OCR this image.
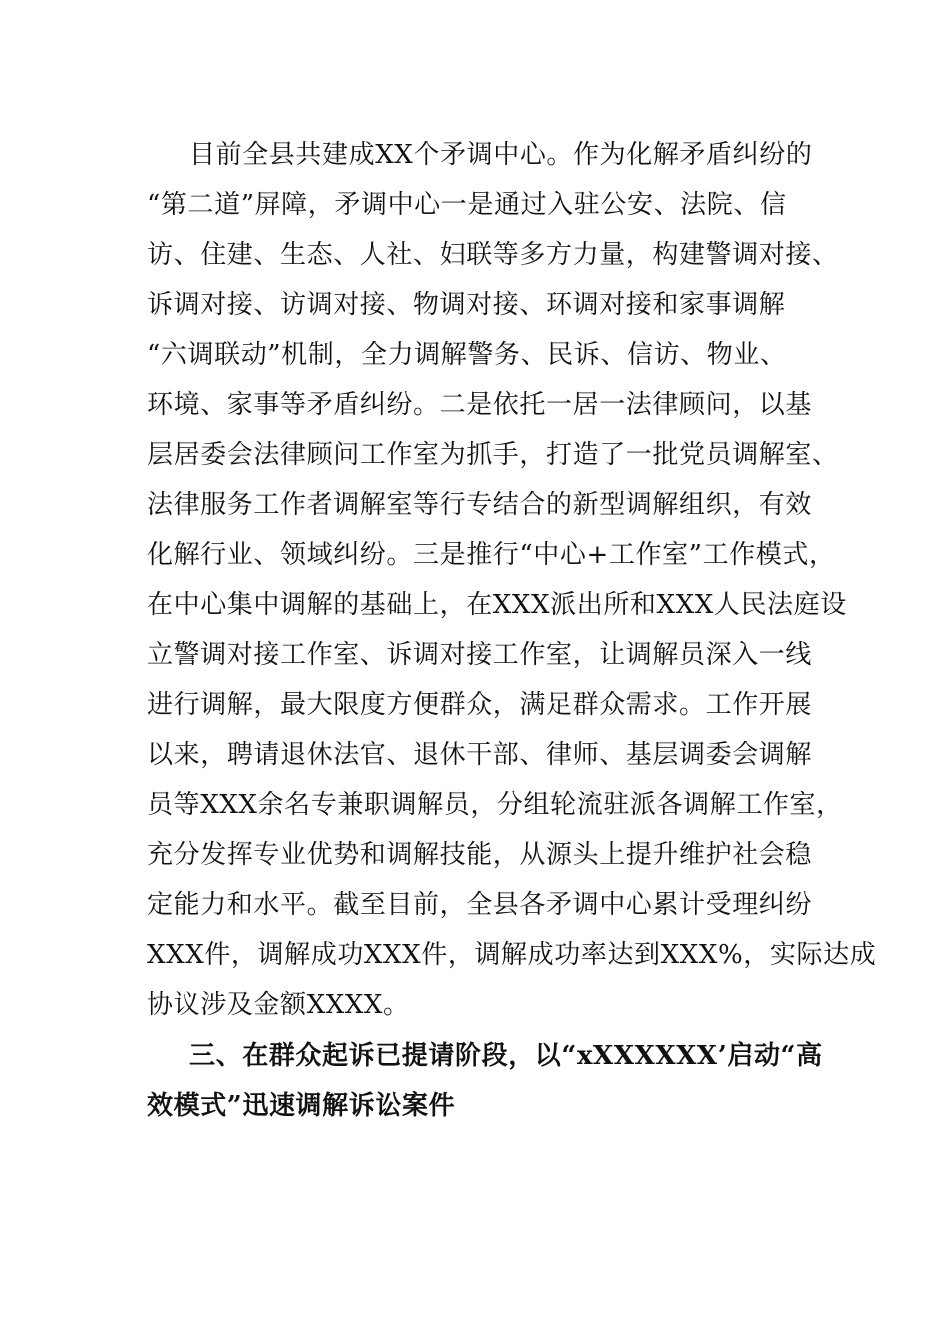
目前全县共建成XX个矛调中心。作为化解矛盾纠纷的
“第二道”屏障，矛调中心一是通过入驻公安、法院、信
访、住建、生态、人社、妇联等多方力量，构建警调对接、
诉调对接、访调对接、物调对接、环调对接和家事调解
“六调联动”机制，全力调解警务、民诉、信访、物业、
环境、家事等矛盾纠纷。二是依托一居一法律顾问，以基
层居委会法律顾问工作室为抓手，打造了一批党员调解室、
法律服务工作者调解室等行专结合的新型调解组织，有效
化解行业、领域纠纷。三是推行“中心+工作室”工作模式，
在中心集中调解的基础上，在XXX派出所和XXX人民法庭设
立警调对接工作室、诉调对接工作室，让调解员深入一线
进行调解，最大限度方便群众，满足群众需求。工作开展
以来，聘请退休法官、退休干部、律师、基层调委会调解
员等XXX余名专兼职调解员，分组轮流驻派各调解工作室，
充分发挥专业优势和调解技能，从源头上提升维护社会稳
定能力和水平。截至目前，全县各矛调中心累计受理纠纷
XXX件，调解成功XXX件，调解成功率达到XXX%，实际达成
协议涉及金额XXXX。
三、在群众起诉已提请阶段，以“xXXXXXX’启动“高
效模式”迅速调解诉讼案件
